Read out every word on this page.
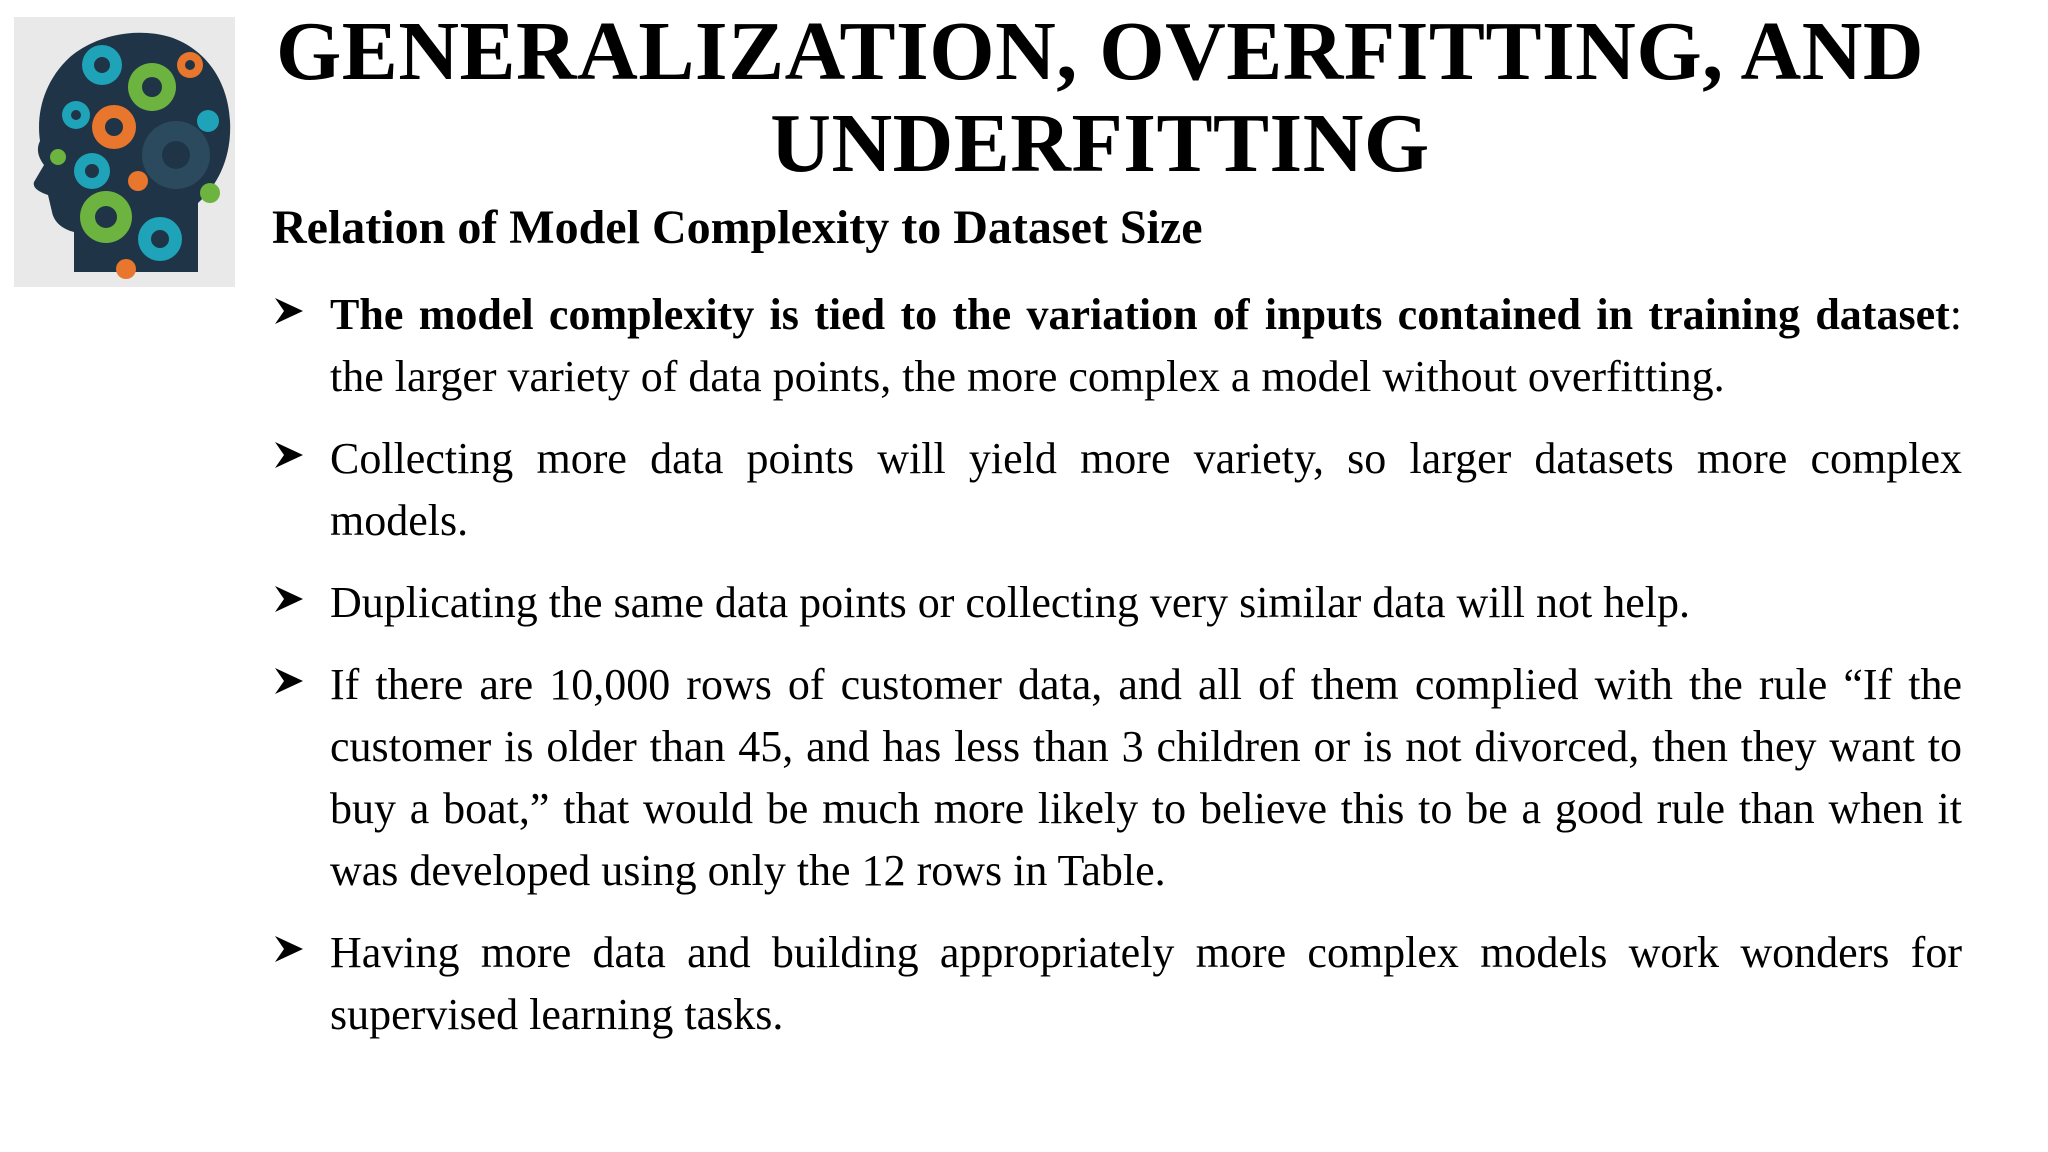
GENERALIZATION, OVERFITTING, AND
UNDERFITTING
Relation of Model Complexity to Dataset Size
The model complexity is tied to the variation of inputs contained in training dataset: the larger variety of data points, the more complex a model without overfitting.
Collecting more data points will yield more variety, so larger datasets more complex models.
Duplicating the same data points or collecting very similar data will not help.
If there are 10,000 rows of customer data, and all of them complied with the rule “If the customer is older than 45, and has less than 3 children or is not divorced, then they want to buy a boat,” that would be much more likely to believe this to be a good rule than when it was developed using only the 12 rows in Table.
Having more data and building appropriately more complex models work wonders for supervised learning tasks.
